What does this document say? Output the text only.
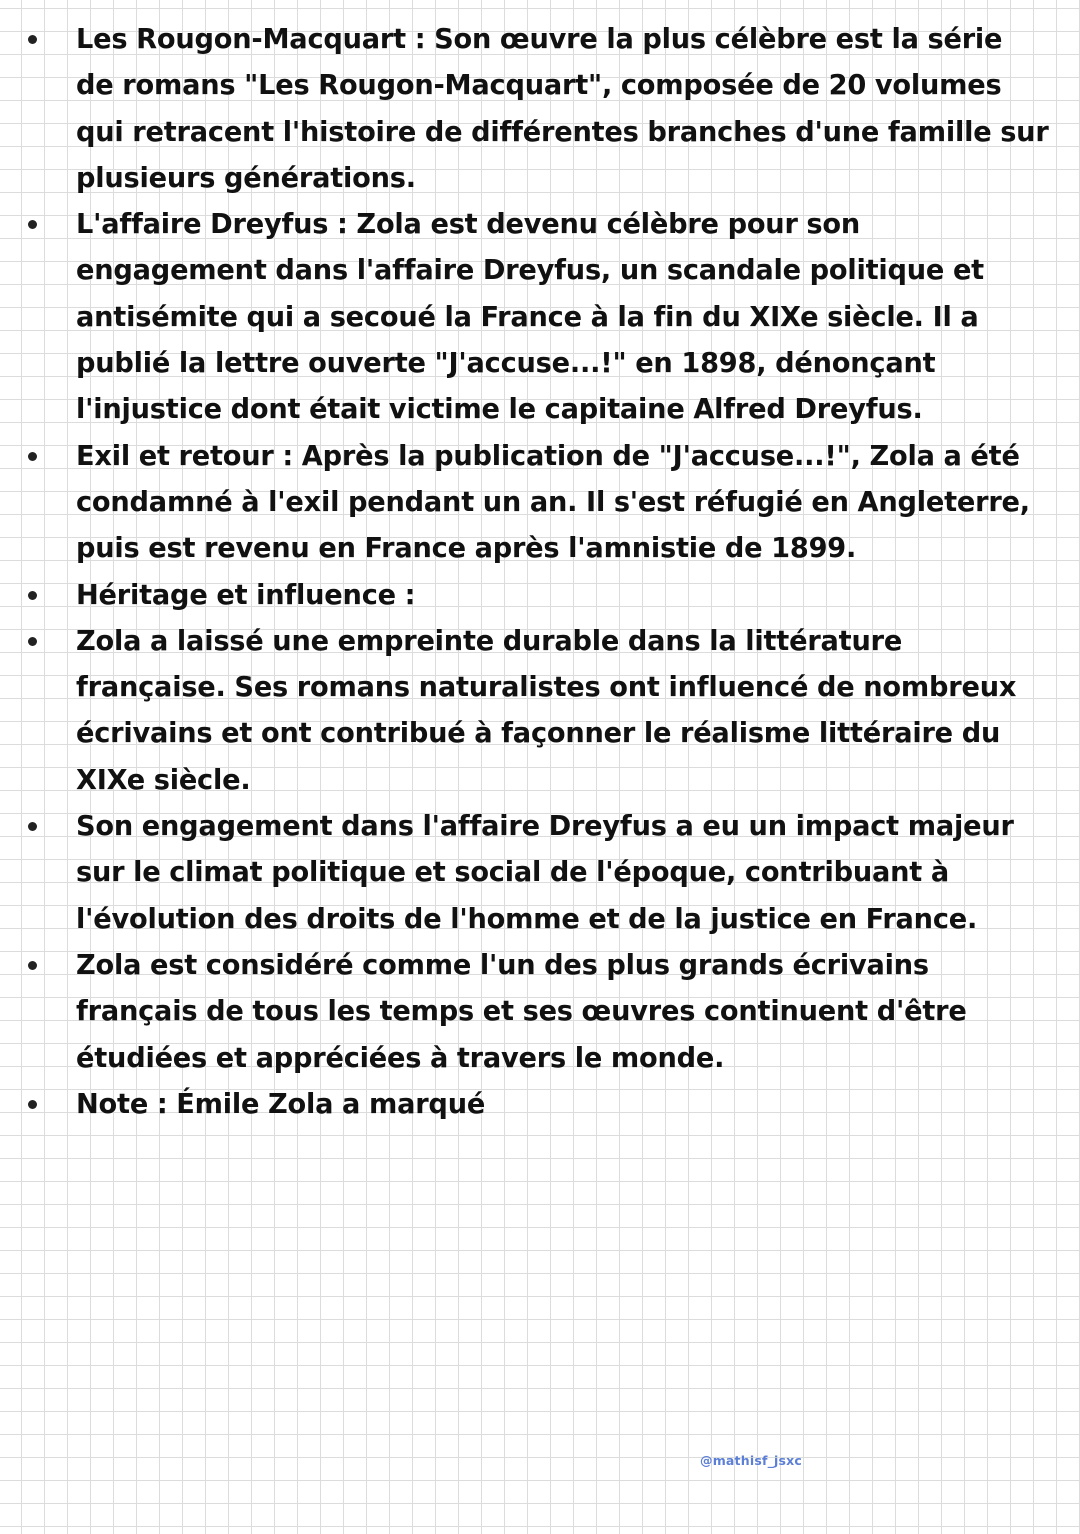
Les Rougon-Macquart : Son œuvre la plus célèbre est la série
de romans "Les Rougon-Macquart", composée de 20 volumes
qui retracent l'histoire de différentes branches d'une famille sur
plusieurs générations.
L'affaire Dreyfus : Zola est devenu célèbre pour son
engagement dans l'affaire Dreyfus, un scandale politique et
antisémite qui a secoué la France à la fin du XIXe siècle. Il a
publié la lettre ouverte "J'accuse...!" en 1898, dénonçant
l'injustice dont était victime le capitaine Alfred Dreyfus.
Exil et retour : Après la publication de "J'accuse...!", Zola a été
condamné à l'exil pendant un an. Il s'est réfugié en Angleterre,
puis est revenu en France après l'amnistie de 1899.
Héritage et influence :
Zola a laissé une empreinte durable dans la littérature
française. Ses romans naturalistes ont influencé de nombreux
écrivains et ont contribué à façonner le réalisme littéraire du
XIXe siècle.
Son engagement dans l'affaire Dreyfus a eu un impact majeur
sur le climat politique et social de l'époque, contribuant à
l'évolution des droits de l'homme et de la justice en France.
Zola est considéré comme l'un des plus grands écrivains
français de tous les temps et ses œuvres continuent d'être
étudiées et appréciées à travers le monde.
Note : Émile Zola a marqué
@mathisf_jsxc
